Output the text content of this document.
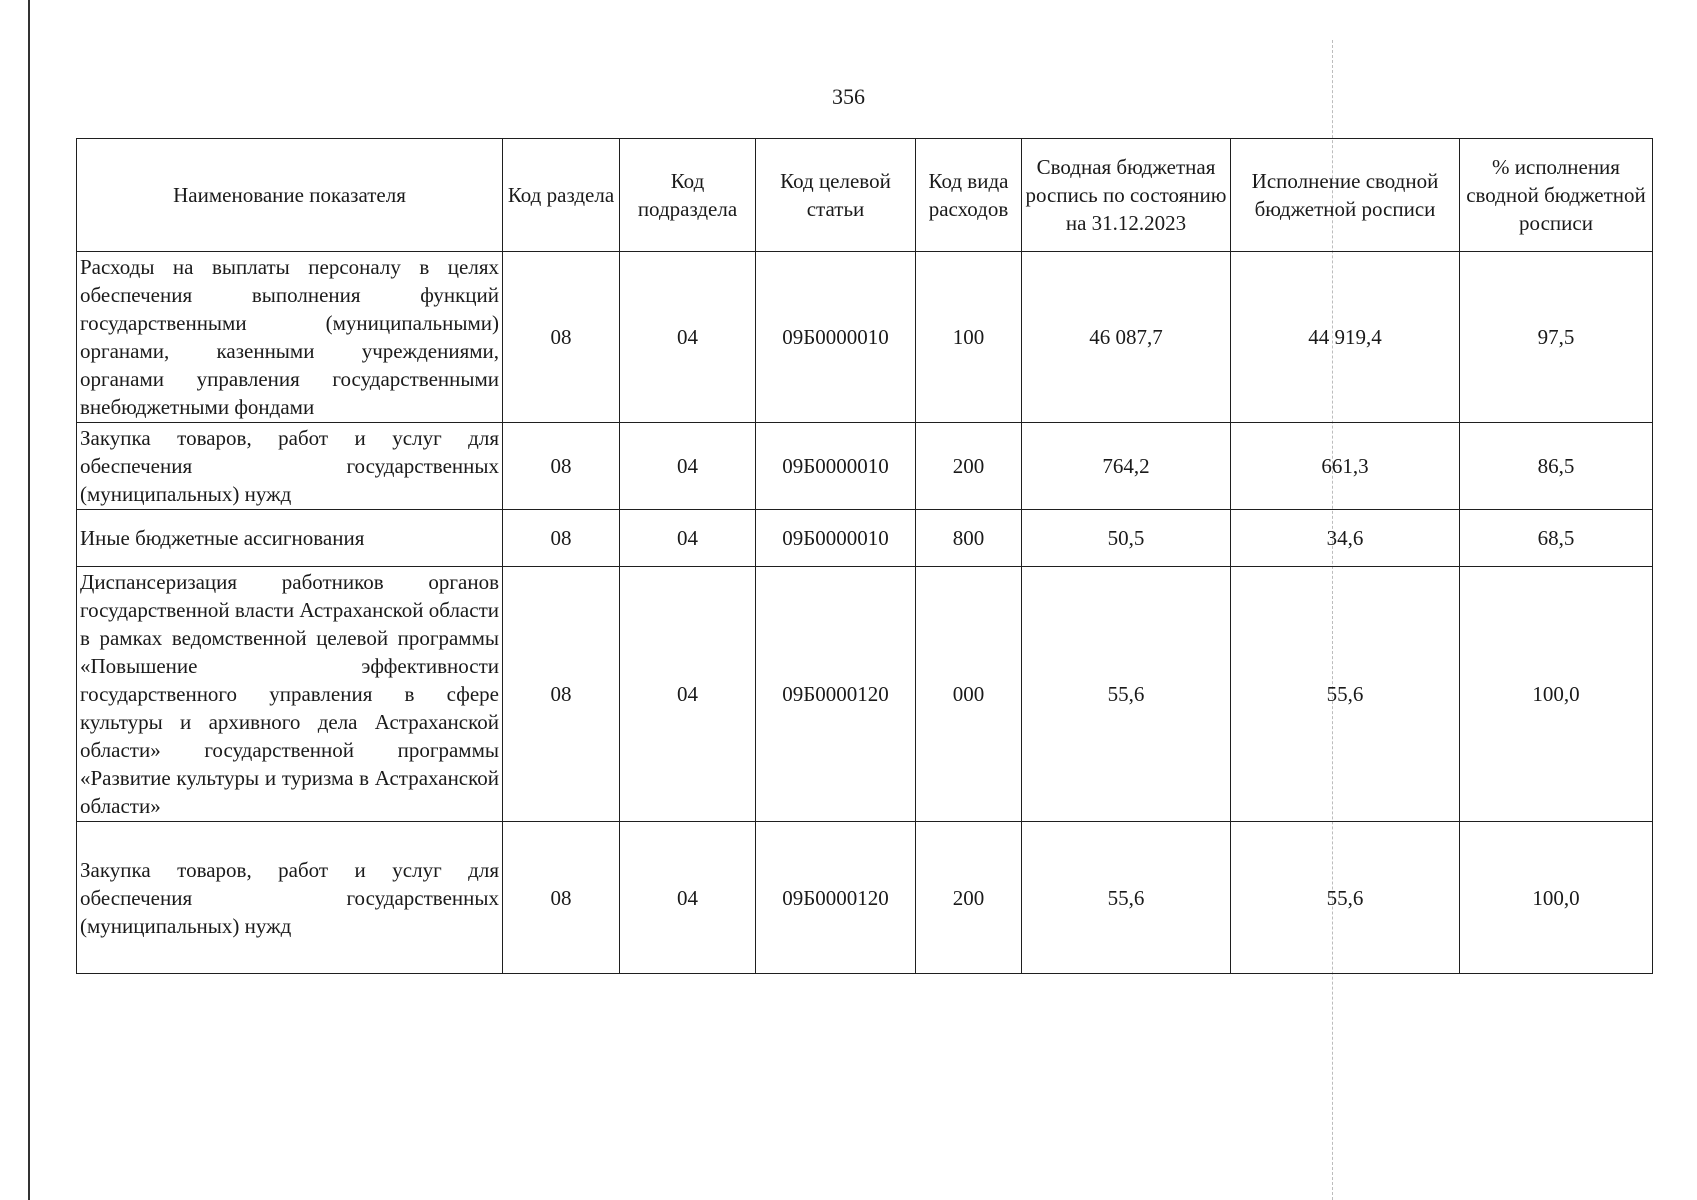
356
Наименование показателя	Код раздела	Код подраздела	Код целевой статьи	Код вида расходов	Сводная бюджетная роспись по состоянию на 31.12.2023	Исполнение сводной бюджетной росписи	% исполнения сводной бюджетной росписи
Расходы на выплаты персоналу в целях обеспечения выполнения функций государственными (муниципальными) органами, казенными учреждениями, органами управления государственными внебюджетными фондами	08	04	09Б0000010	100	46 087,7	44 919,4	97,5
Закупка товаров, работ и услуг для обеспечения государственных (муниципальных) нужд	08	04	09Б0000010	200	764,2	661,3	86,5
Иные бюджетные ассигнования	08	04	09Б0000010	800	50,5	34,6	68,5
Диспансеризация работников органов государственной власти Астраханской области в рамках ведомственной целевой программы «Повышение эффективности государственного управления в сфере культуры и архивного дела Астраханской области» государственной программы «Развитие культуры и туризма в Астраханской области»	08	04	09Б0000120	000	55,6	55,6	100,0
Закупка товаров, работ и услуг для обеспечения государственных (муниципальных) нужд	08	04	09Б0000120	200	55,6	55,6	100,0
